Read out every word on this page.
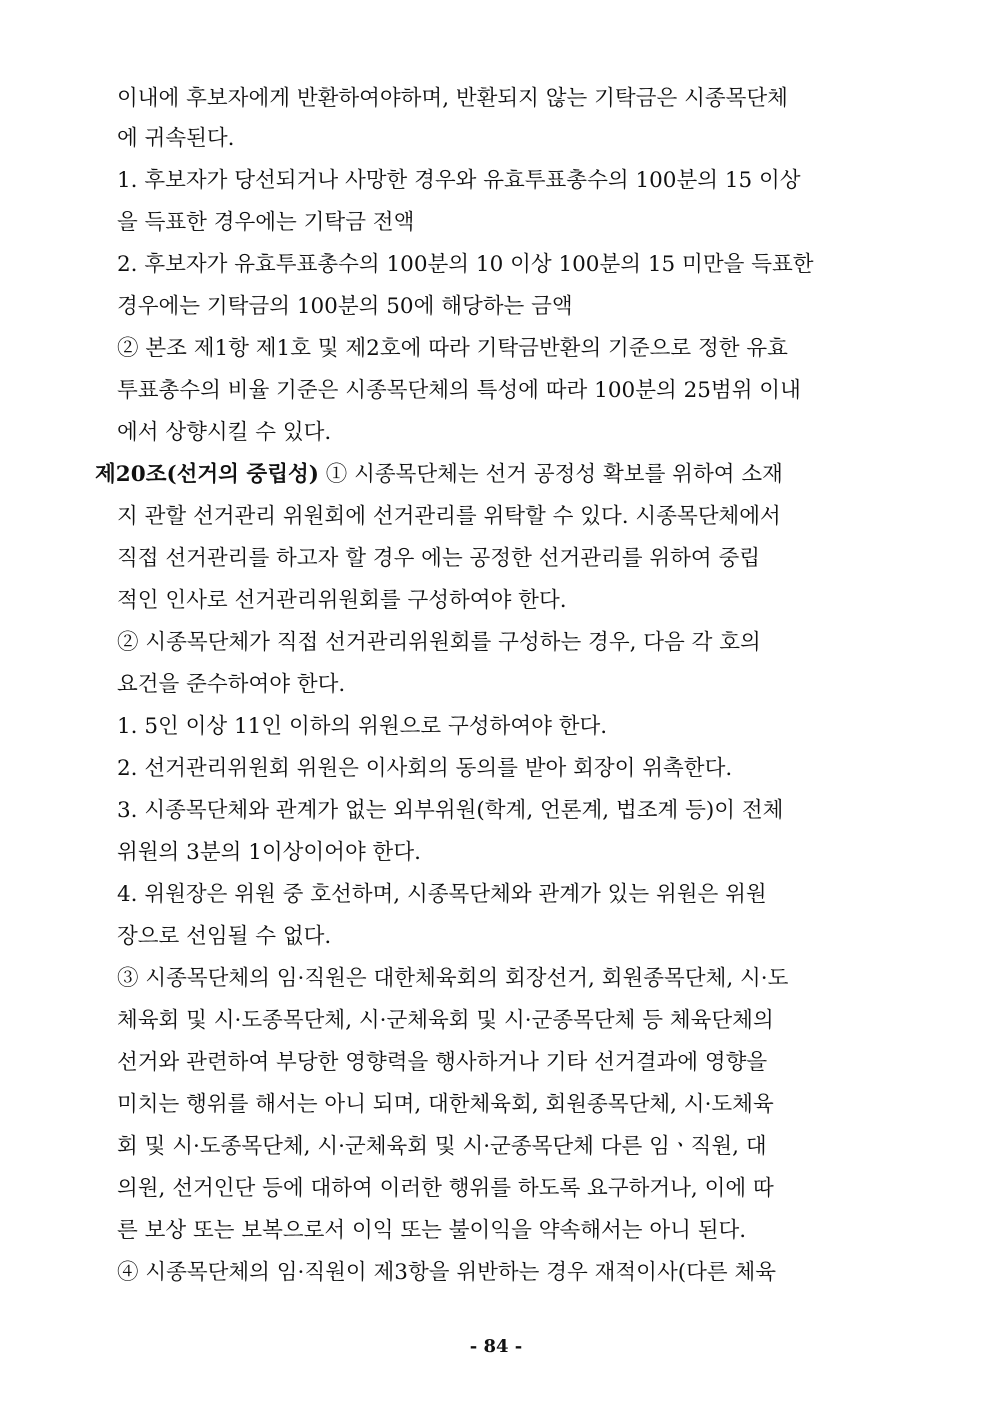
이내에 후보자에게 반환하여야하며, 반환되지 않는 기탁금은 시종목단체
에 귀속된다.
1. 후보자가 당선되거나 사망한 경우와 유효투표총수의 100분의 15 이상
을 득표한 경우에는 기탁금 전액
2. 후보자가 유효투표총수의 100분의 10 이상 100분의 15 미만을 득표한
경우에는 기탁금의 100분의 50에 해당하는 금액
② 본조 제1항 제1호 및 제2호에 따라 기탁금반환의 기준으로 정한 유효
투표총수의 비율 기준은 시종목단체의 특성에 따라 100분의 25범위 이내
에서 상향시킬 수 있다.
제20조(선거의 중립성) ① 시종목단체는 선거 공정성 확보를 위하여 소재
지 관할 선거관리 위원회에 선거관리를 위탁할 수 있다. 시종목단체에서
직접 선거관리를 하고자 할 경우 에는 공정한 선거관리를 위하여 중립
적인 인사로 선거관리위원회를 구성하여야 한다.
② 시종목단체가 직접 선거관리위원회를 구성하는 경우, 다음 각 호의
요건을 준수하여야 한다.
1. 5인 이상 11인 이하의 위원으로 구성하여야 한다.
2. 선거관리위원회 위원은 이사회의 동의를 받아 회장이 위촉한다.
3. 시종목단체와 관계가 없는 외부위원(학계, 언론계, 법조계 등)이 전체
위원의 3분의 1이상이어야 한다.
4. 위원장은 위원 중 호선하며, 시종목단체와 관계가 있는 위원은 위원
장으로 선임될 수 없다.
③ 시종목단체의 임·직원은 대한체육회의 회장선거, 회원종목단체, 시·도
체육회 및 시·도종목단체, 시·군체육회 및 시·군종목단체 등 체육단체의
선거와 관련하여 부당한 영향력을 행사하거나 기타 선거결과에 영향을
미치는 행위를 해서는 아니 되며, 대한체육회, 회원종목단체, 시·도체육
회 및 시·도종목단체, 시·군체육회 및 시·군종목단체 다른 임ㆍ직원, 대
의원, 선거인단 등에 대하여 이러한 행위를 하도록 요구하거나, 이에 따
른 보상 또는 보복으로서 이익 또는 불이익을 약속해서는 아니 된다.
④ 시종목단체의 임·직원이 제3항을 위반하는 경우 재적이사(다른 체육
- 84 -
